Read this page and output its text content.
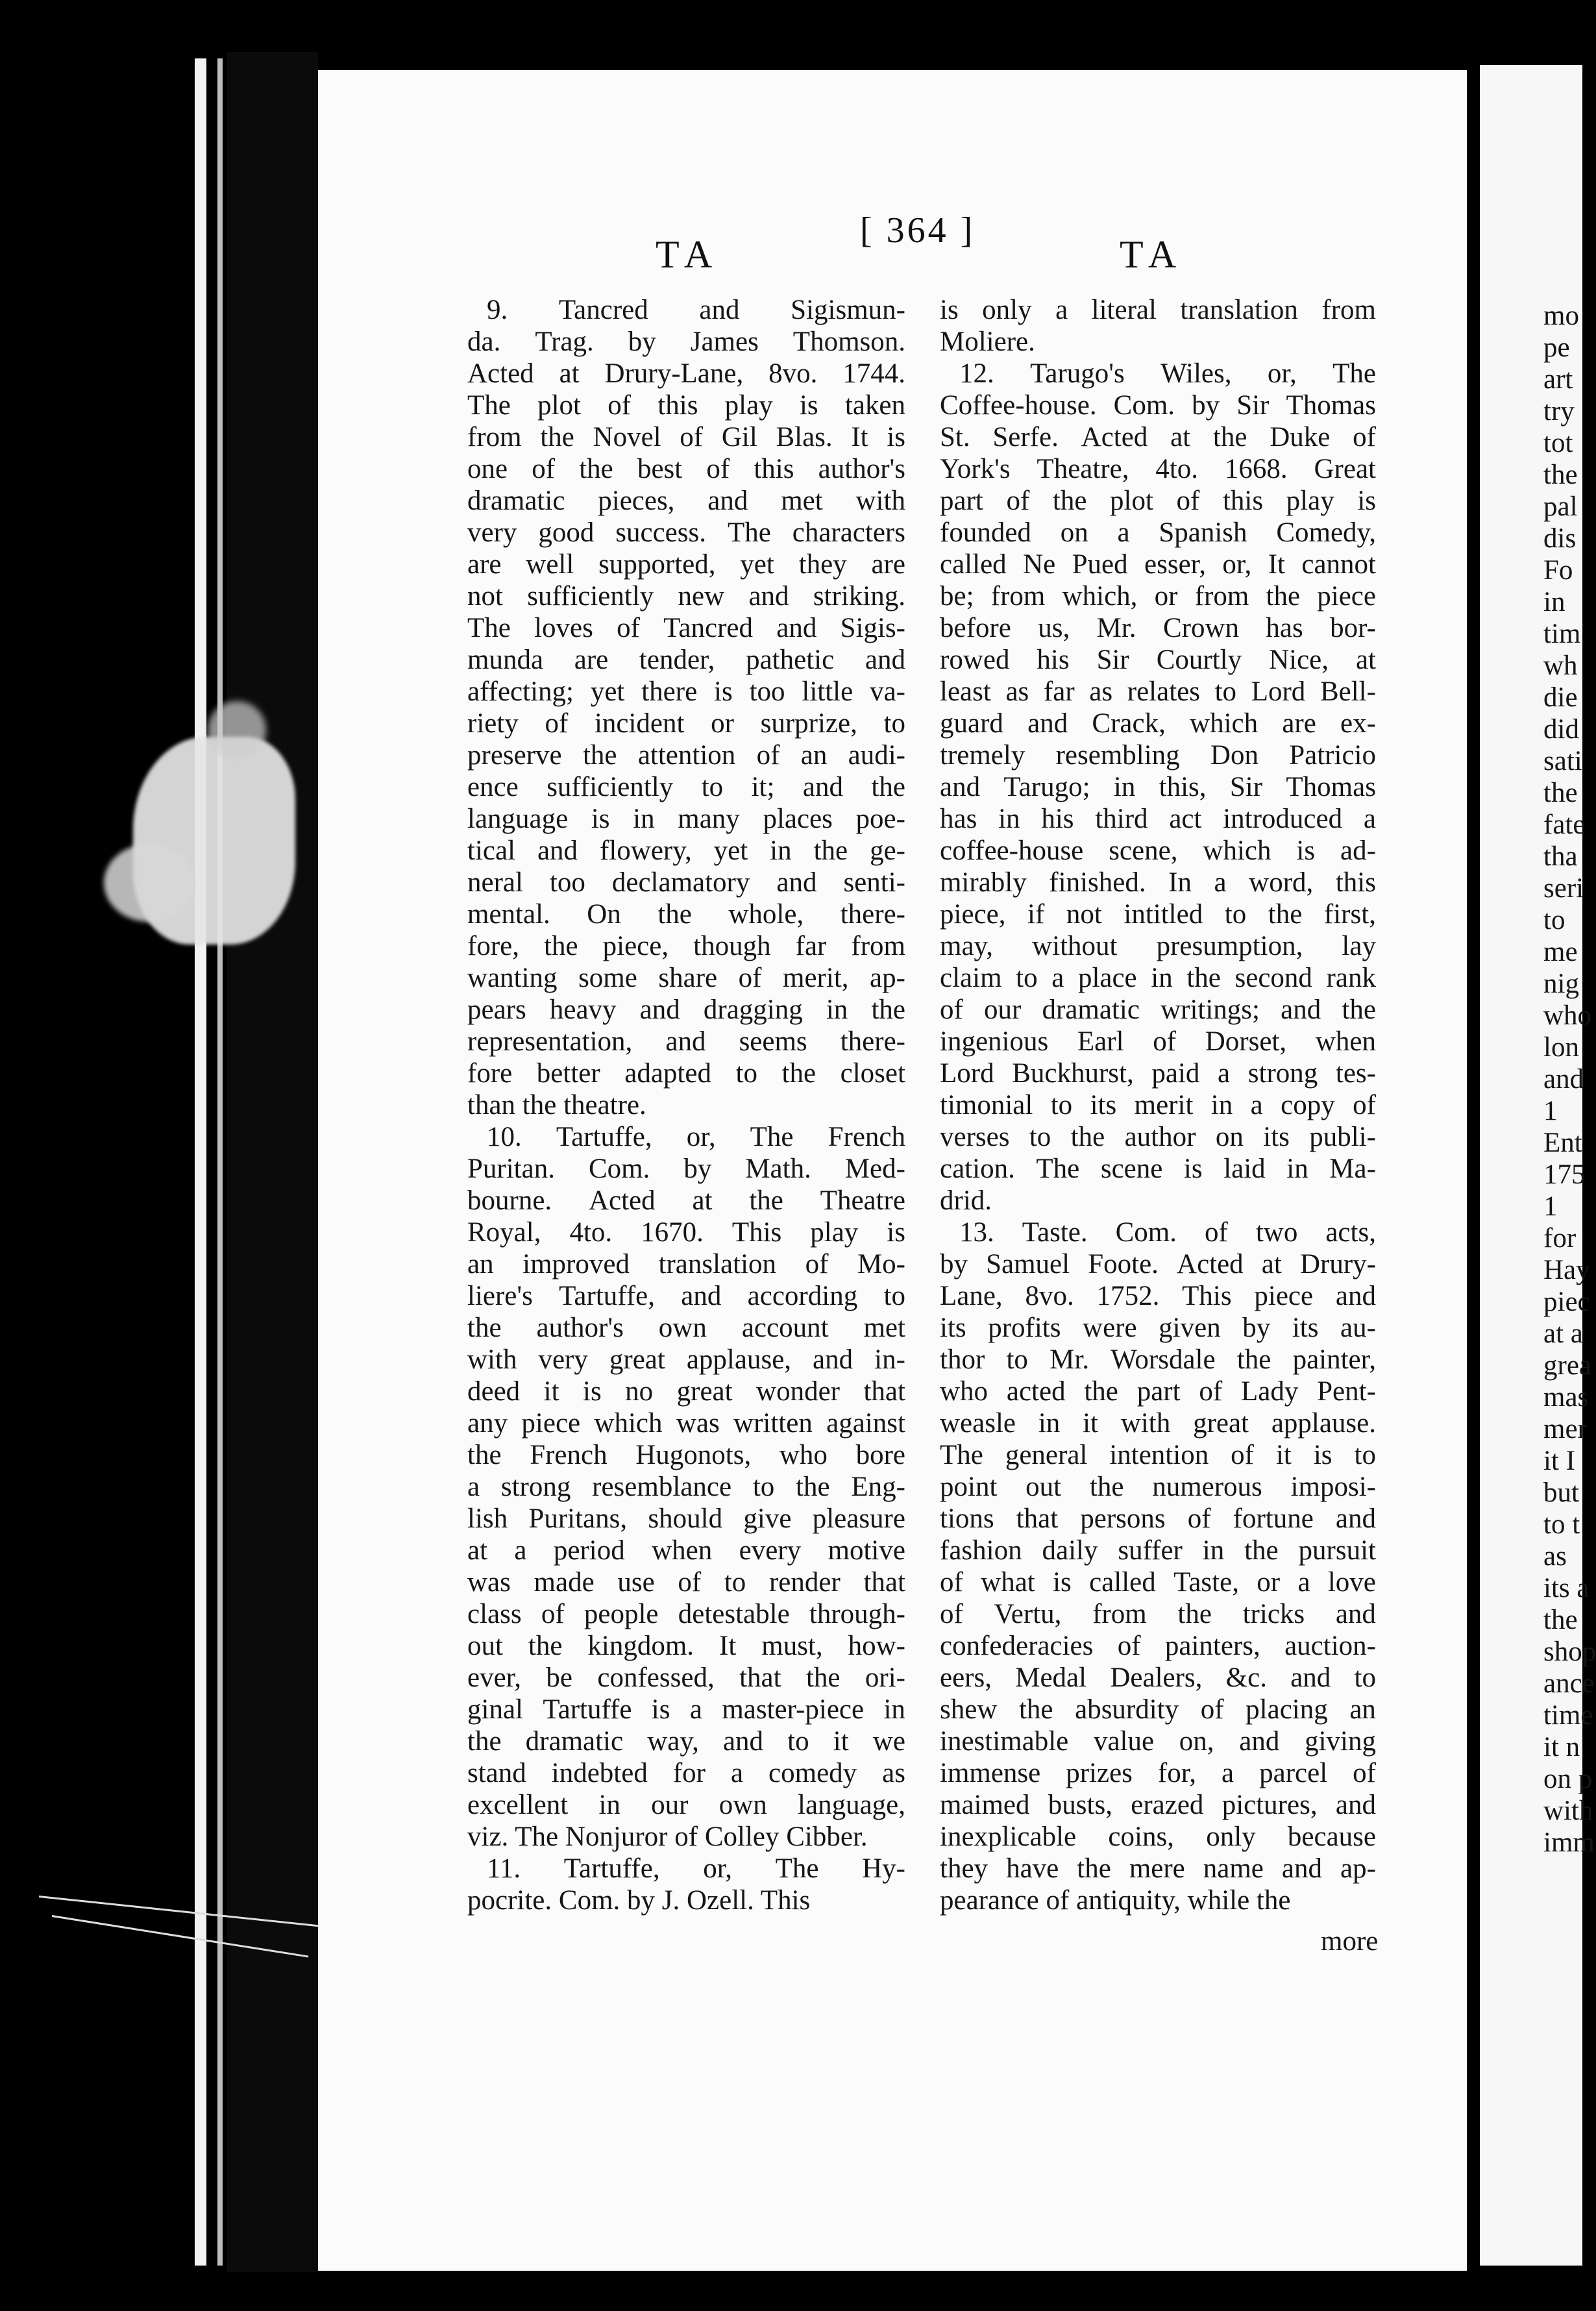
TA
[ 364 ]
TA
9. Tancred and Sigismun-
da. Trag. by James Thomson.
Acted at Drury-Lane, 8vo. 1744.
The plot of this play is taken
from the Novel of Gil Blas. It is
one of the best of this author's
dramatic pieces, and met with
very good success. The characters
are well supported, yet they are
not sufficiently new and striking.
The loves of Tancred and Sigis-
munda are tender, pathetic and
affecting; yet there is too little va-
riety of incident or surprize, to
preserve the attention of an audi-
ence sufficiently to it; and the
language is in many places poe-
tical and flowery, yet in the ge-
neral too declamatory and senti-
mental. On the whole, there-
fore, the piece, though far from
wanting some share of merit, ap-
pears heavy and dragging in the
representation, and seems there-
fore better adapted to the closet
than the theatre.
10. Tartuffe, or, The French
Puritan. Com. by Math. Med-
bourne. Acted at the Theatre
Royal, 4to. 1670. This play is
an improved translation of Mo-
liere's Tartuffe, and according to
the author's own account met
with very great applause, and in-
deed it is no great wonder that
any piece which was written against
the French Hugonots, who bore
a strong resemblance to the Eng-
lish Puritans, should give pleasure
at a period when every motive
was made use of to render that
class of people detestable through-
out the kingdom. It must, how-
ever, be confessed, that the ori-
ginal Tartuffe is a master-piece in
the dramatic way, and to it we
stand indebted for a comedy as
excellent in our own language,
viz. The Nonjuror of Colley Cibber.
11. Tartuffe, or, The Hy-
pocrite. Com. by J. Ozell. This
is only a literal translation from
Moliere.
12. Tarugo's Wiles, or, The
Coffee-house. Com. by Sir Thomas
St. Serfe. Acted at the Duke of
York's Theatre, 4to. 1668. Great
part of the plot of this play is
founded on a Spanish Comedy,
called Ne Pued esser, or, It cannot
be; from which, or from the piece
before us, Mr. Crown has bor-
rowed his Sir Courtly Nice, at
least as far as relates to Lord Bell-
guard and Crack, which are ex-
tremely resembling Don Patricio
and Tarugo; in this, Sir Thomas
has in his third act introduced a
coffee-house scene, which is ad-
mirably finished. In a word, this
piece, if not intitled to the first,
may, without presumption, lay
claim to a place in the second rank
of our dramatic writings; and the
ingenious Earl of Dorset, when
Lord Buckhurst, paid a strong tes-
timonial to its merit in a copy of
verses to the author on its publi-
cation. The scene is laid in Ma-
drid.
13. Taste. Com. of two acts,
by Samuel Foote. Acted at Drury-
Lane, 8vo. 1752. This piece and
its profits were given by its au-
thor to Mr. Worsdale the painter,
who acted the part of Lady Pent-
weasle in it with great applause.
The general intention of it is to
point out the numerous imposi-
tions that persons of fortune and
fashion daily suffer in the pursuit
of what is called Taste, or a love
of Vertu, from the tricks and
confederacies of painters, auction-
eers, Medal Dealers, &c. and to
shew the absurdity of placing an
inestimable value on, and giving
immense prizes for, a parcel of
maimed busts, erazed pictures, and
inexplicable coins, only because
they have the mere name and ap-
pearance of antiquity, while the
more
mo
pe
art
try
tot
the
pal
dis
Fo
in
tim
wh
die
did
sati
the
fate
tha
seri
to
me
nig
who
lon
and
1
Ent
175
1
for
Hay
piec
at a
grea
mas
mer
it I
but
to t
as
its a
the
shop
ance
time
it n
on p
with
imm
